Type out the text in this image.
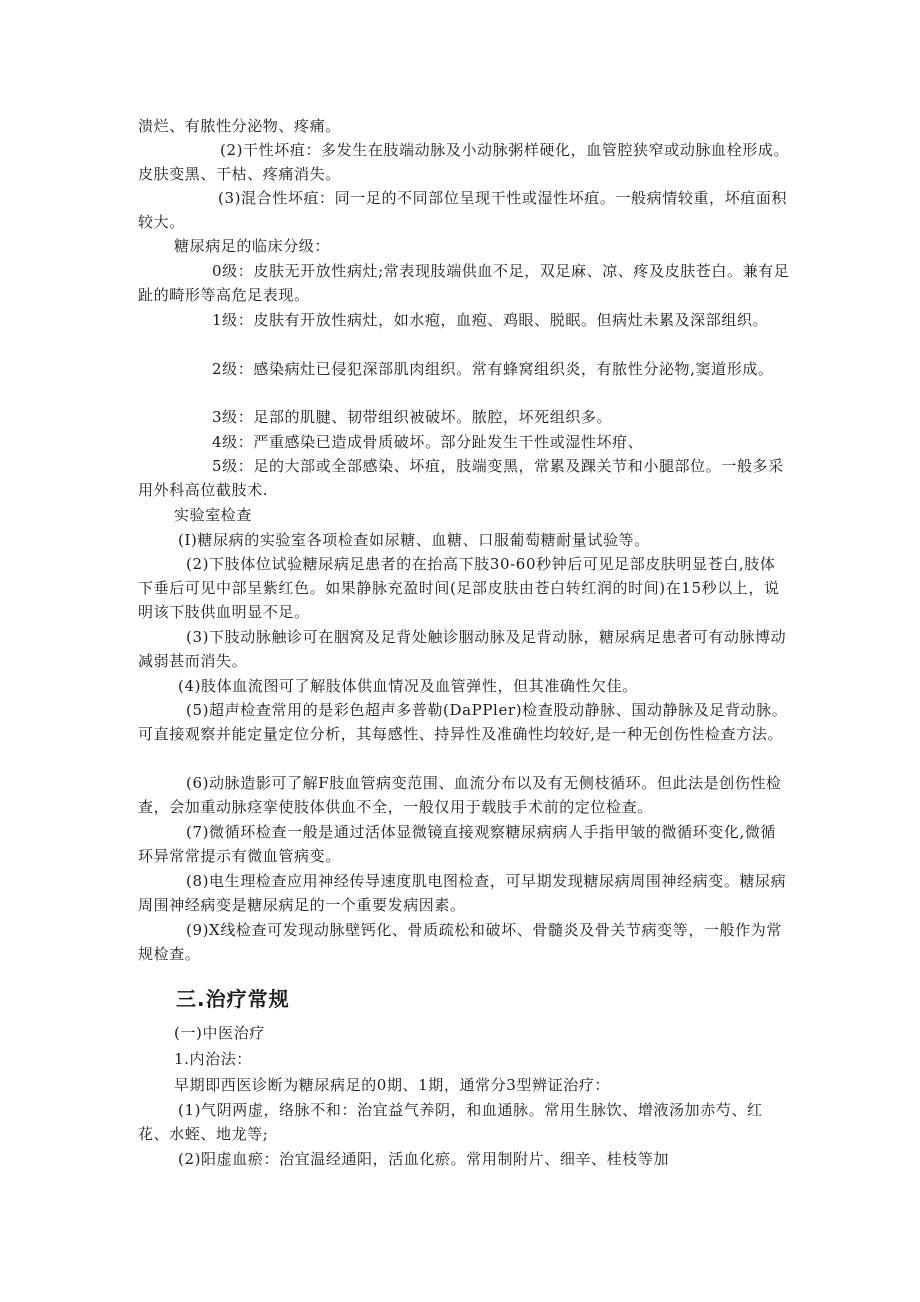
溃烂、有脓性分泌物、疼痛。

(2)干性坏疽：多发生在肢端动脉及小动脉粥样硬化，血管腔狭窄或动脉血栓形成。皮肤变黑、干枯、疼痛消失。

(3)混合性坏疽：同一足的不同部位呈现干性或湿性坏疽。一般病情较重，坏疽面积较大。

糖尿病足的临床分级：

0级：皮肤无开放性病灶;常表现肢端供血不足，双足麻、凉、疼及皮肤苍白。兼有足趾的畸形等高危足表现。

1级：皮肤有开放性病灶，如水疱，血疱、鸡眼、脱眠。但病灶未累及深部组织。

2级：感染病灶已侵犯深部肌肉组织。常有蜂窝组织炎，有脓性分泌物,窦道形成。

3级：足部的肌腱、韧带组织被破坏。脓腔，坏死组织多。

4级：严重感染已造成骨质破坏。部分趾发生干性或湿性坏疳、

5级：足的大部或全部感染、坏疽，肢端变黑，常累及踝关节和小腿部位。一般多采用外科高位截肢术.

实验室检查

(I)糖尿病的实验室各项检查如尿糖、血糖、口服葡萄糖耐量试验等。

(2)下肢体位试验糖尿病足患者的在抬高下肢30-60秒钟后可见足部皮肤明显苍白,肢体下垂后可见中部呈紫红色。如果静脉充盈时间(足部皮肤由苍白转红润的时间)在15秒以上，说明该下肢供血明显不足。

(3)下肢动脉触诊可在胭窝及足背处触诊胭动脉及足背动脉，糖尿病足患者可有动脉博动减弱甚而消失。

(4)肢体血流图可了解肢体供血情况及血管弹性，但其准确性欠佳。

(5)超声检查常用的是彩色超声多普勒(DaPPler)检查股动静脉、国动静脉及足背动脉。可直接观察并能定量定位分析，其每感性、持异性及准确性均较好,是一种无创伤性检查方法。

(6)动脉造影可了解F肢血管病变范围、血流分布以及有无侧枝循环。但此法是创伤性检查，会加重动脉痉挛使肢体供血不全，一般仅用于载肢手术前的定位检查。

(7)微循环检查一般是通过活体显微镜直接观察糖尿病病人手指甲皱的微循环变化,微循环异常常提示有微血管病变。

(8)电生理检查应用神经传导速度肌电图检查，可早期发现糖尿病周围神经病变。糖尿病周围神经病变是糖尿病足的一个重要发病因素。

(9)X线检查可发现动脉壁钙化、骨质疏松和破坏、骨髓炎及骨关节病变等，一般作为常规检查。

三.治疗常规

(一)中医治疗

1.内治法：

早期即西医诊断为糖尿病足的0期、1期，通常分3型辨证治疗：

(1)气阴两虚，络脉不和：治宜益气养阴，和血通脉。常用生脉饮、增液汤加赤芍、红花、水蛭、地龙等;

(2)阳虚血瘀：治宜温经通阳，活血化瘀。常用制附片、细辛、桂枝等加
